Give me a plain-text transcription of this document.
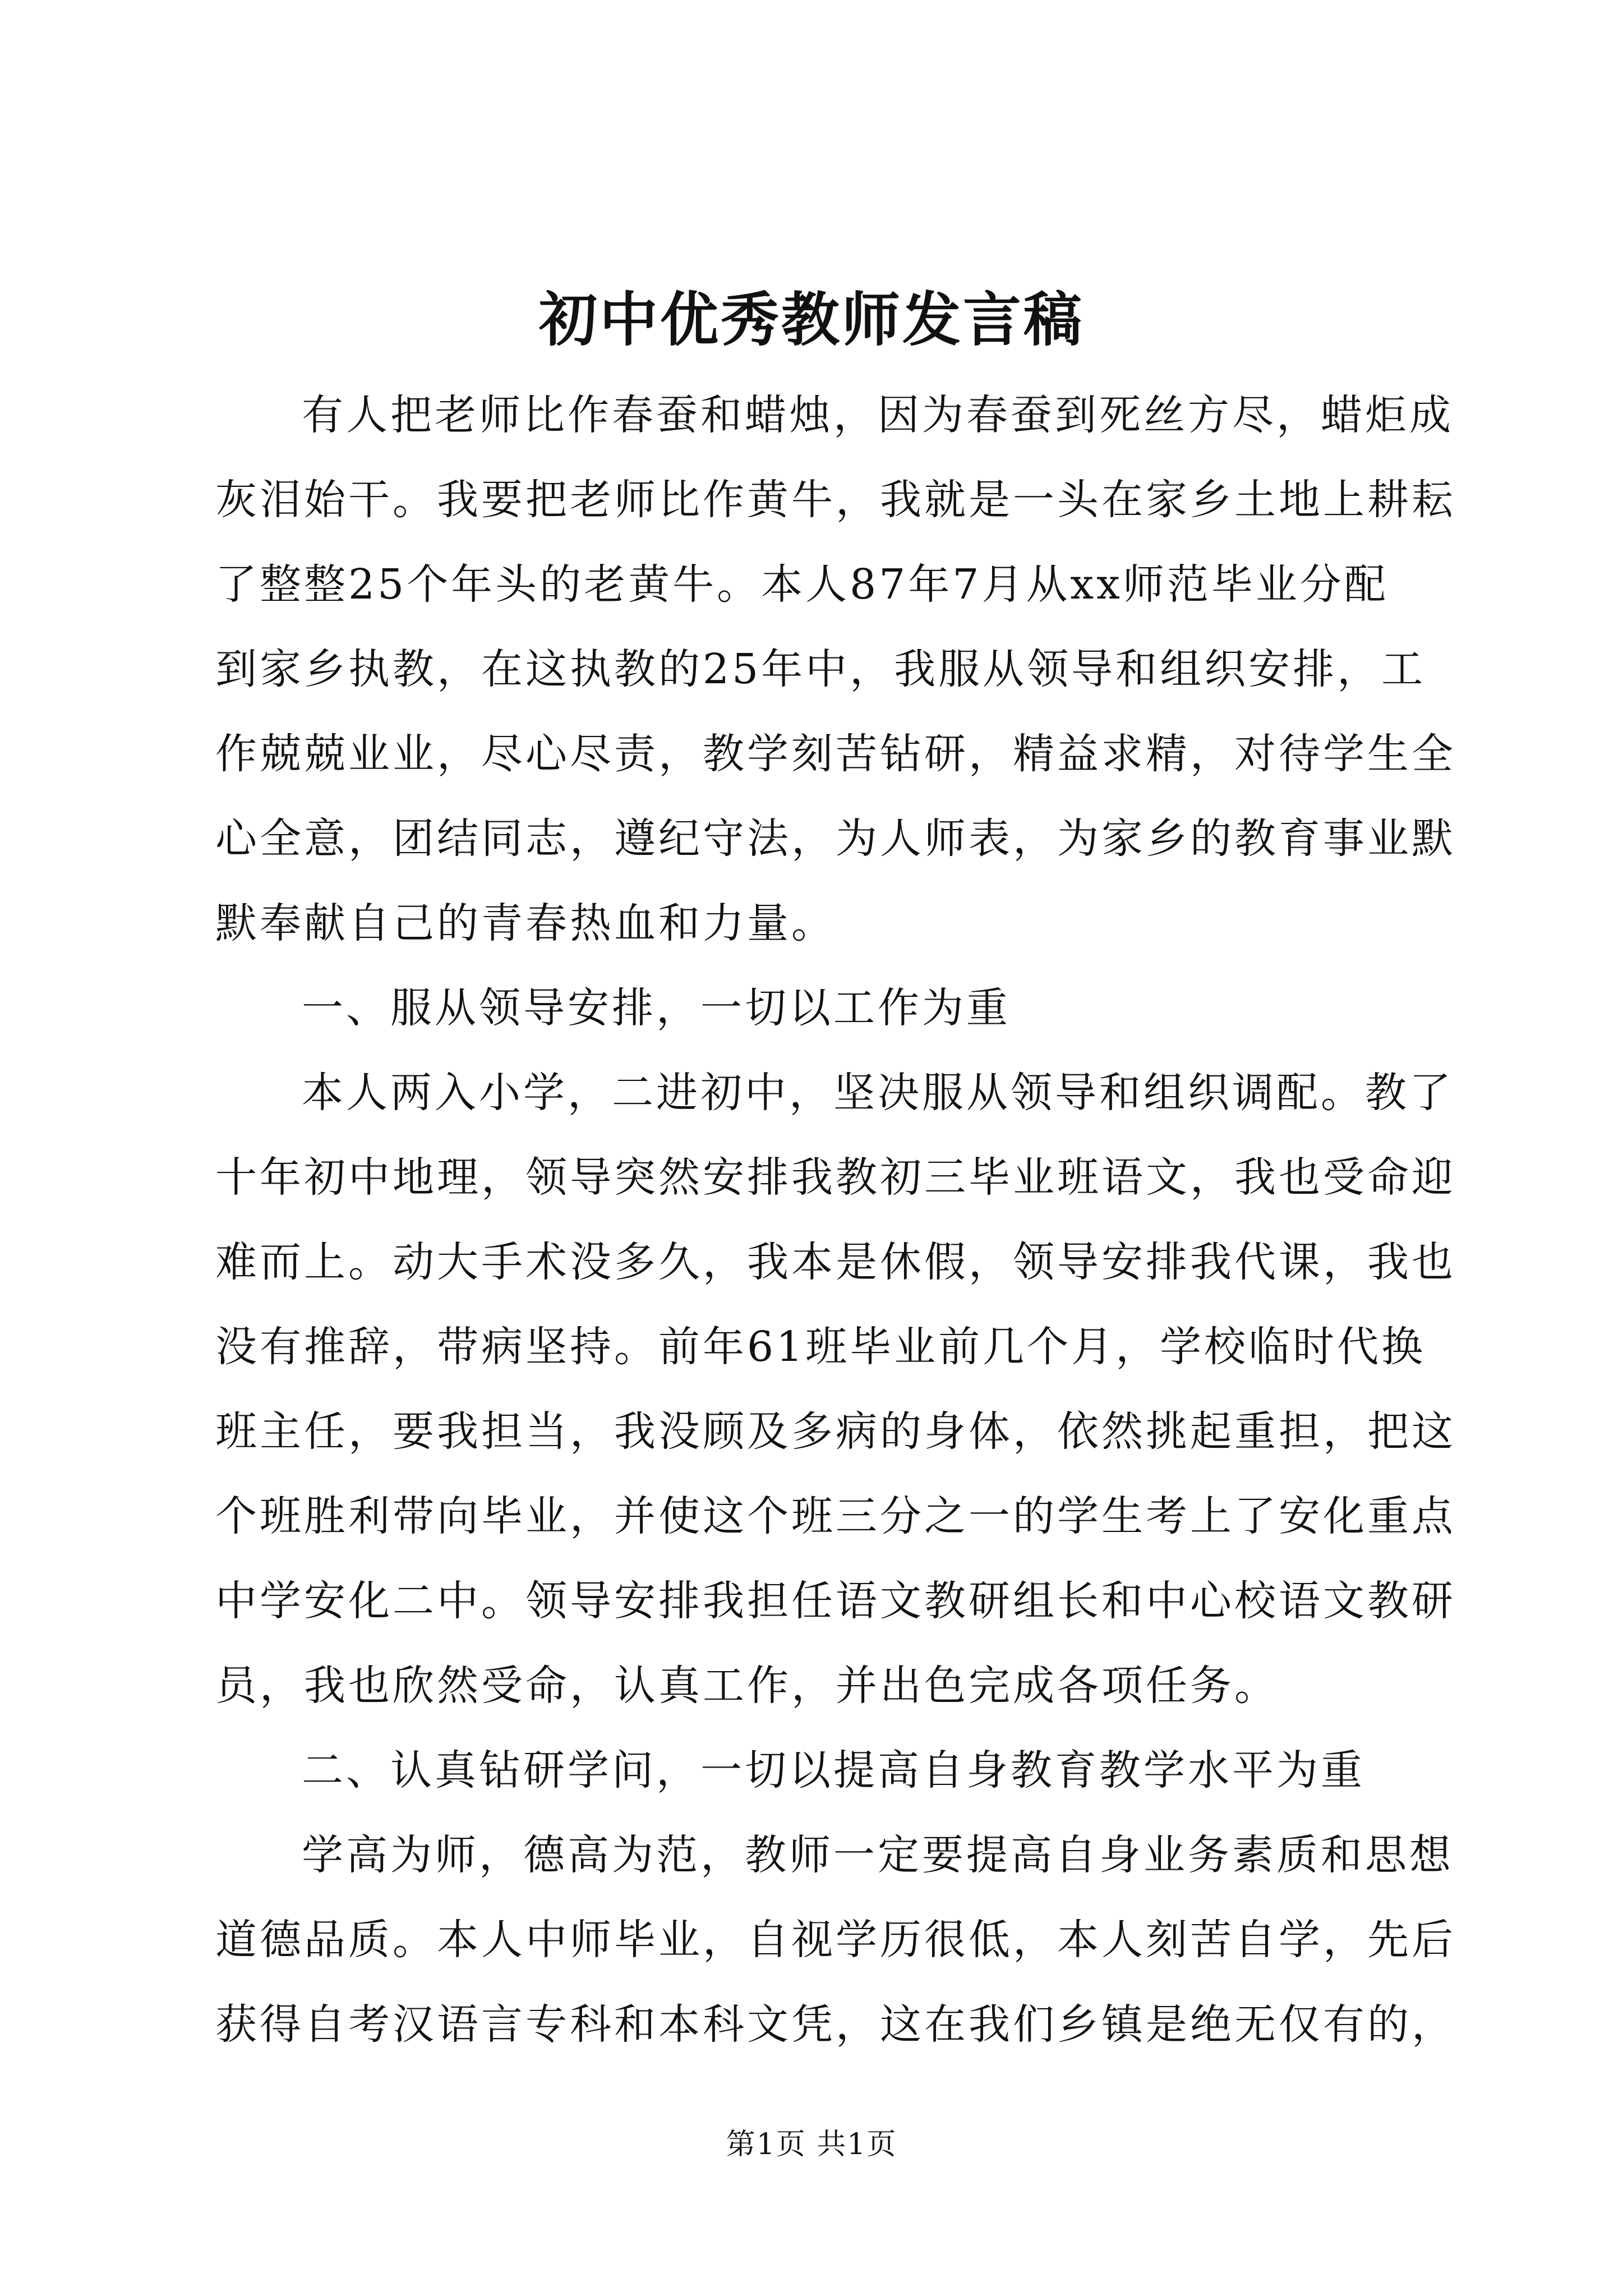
初中优秀教师发言稿

有人把老师比作春蚕和蜡烛，因为春蚕到死丝方尽，蜡炬成

灰泪始干。我要把老师比作黄牛，我就是一头在家乡土地上耕耘

了整整25个年头的老黄牛。本人87年7月从xx师范毕业分配

到家乡执教，在这执教的25年中，我服从领导和组织安排，工

作兢兢业业，尽心尽责，教学刻苦钻研，精益求精，对待学生全

心全意，团结同志，遵纪守法，为人师表，为家乡的教育事业默

默奉献自己的青春热血和力量。

一、服从领导安排，一切以工作为重

本人两入小学，二进初中，坚决服从领导和组织调配。教了

十年初中地理，领导突然安排我教初三毕业班语文，我也受命迎

难而上。动大手术没多久，我本是休假，领导安排我代课，我也

没有推辞，带病坚持。前年61班毕业前几个月，学校临时代换

班主任，要我担当，我没顾及多病的身体，依然挑起重担，把这

个班胜利带向毕业，并使这个班三分之一的学生考上了安化重点

中学安化二中。领导安排我担任语文教研组长和中心校语文教研

员，我也欣然受命，认真工作，并出色完成各项任务。

二、认真钻研学问，一切以提高自身教育教学水平为重

学高为师，德高为范，教师一定要提高自身业务素质和思想

道德品质。本人中师毕业，自视学历很低，本人刻苦自学，先后

获得自考汉语言专科和本科文凭，这在我们乡镇是绝无仅有的，

第1页 共1页
